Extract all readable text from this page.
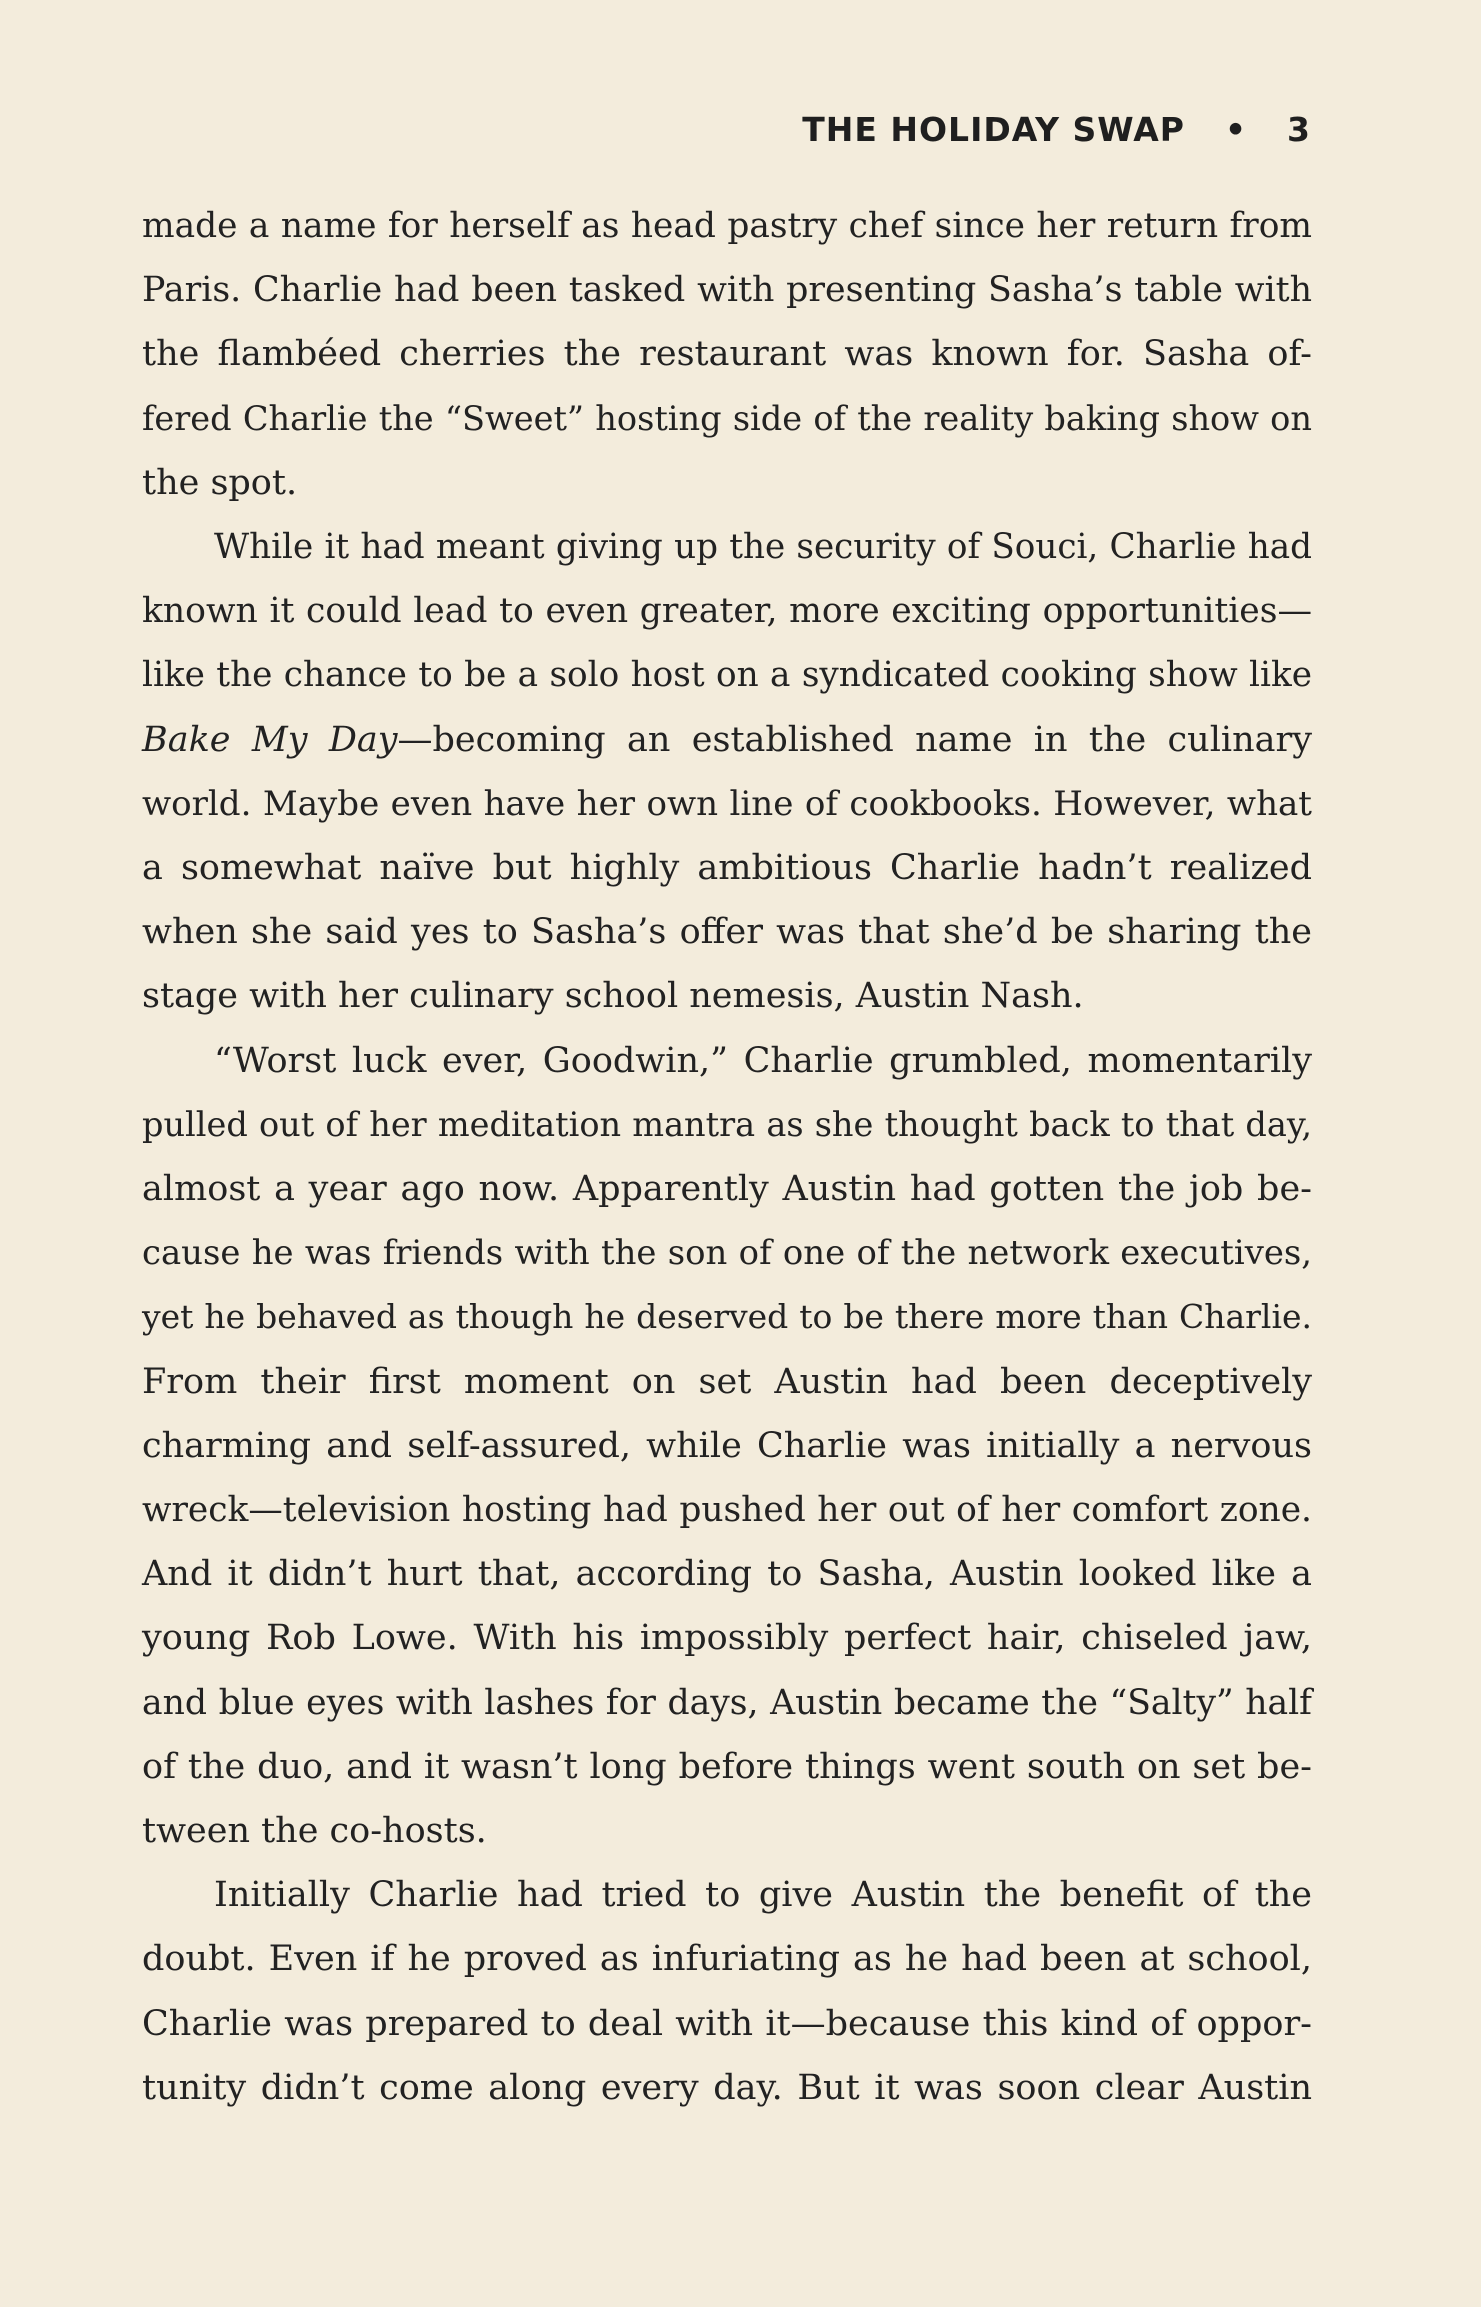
THE HOLIDAY SWAP • 3

made a name for herself as head pastry chef since her return from
Paris. Charlie had been tasked with presenting Sasha’s table with
the flambéed cherries the restaurant was known for. Sasha of-
fered Charlie the “Sweet” hosting side of the reality baking show on
the spot.

While it had meant giving up the security of Souci, Charlie had
known it could lead to even greater, more exciting opportunities—
like the chance to be a solo host on a syndicated cooking show like
Bake My Day—becoming an established name in the culinary
world. Maybe even have her own line of cookbooks. However, what
a somewhat naïve but highly ambitious Charlie hadn’t realized
when she said yes to Sasha’s offer was that she’d be sharing the
stage with her culinary school nemesis, Austin Nash.

“Worst luck ever, Goodwin,” Charlie grumbled, momentarily
pulled out of her meditation mantra as she thought back to that day,
almost a year ago now. Apparently Austin had gotten the job be-
cause he was friends with the son of one of the network executives,
yet he behaved as though he deserved to be there more than Charlie.
From their first moment on set Austin had been deceptively
charming and self-assured, while Charlie was initially a nervous
wreck—television hosting had pushed her out of her comfort zone.
And it didn’t hurt that, according to Sasha, Austin looked like a
young Rob Lowe. With his impossibly perfect hair, chiseled jaw,
and blue eyes with lashes for days, Austin became the “Salty” half
of the duo, and it wasn’t long before things went south on set be-
tween the co-hosts.

Initially Charlie had tried to give Austin the benefit of the
doubt. Even if he proved as infuriating as he had been at school,
Charlie was prepared to deal with it—because this kind of oppor-
tunity didn’t come along every day. But it was soon clear Austin
